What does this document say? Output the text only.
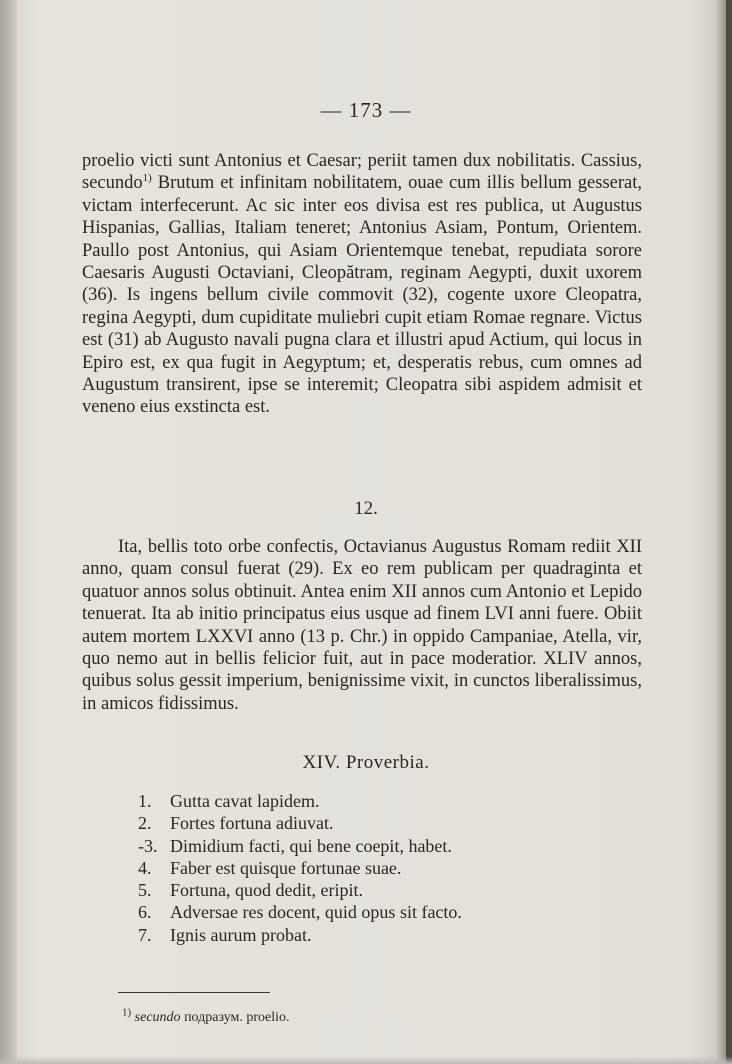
— 173 —
proelio victi sunt Antonius et Caesar; periit tamen dux nobilitatis. Cassius, secundo$^{1)}$ Brutum et infinitam nobilitatem, ouae cum illis bellum gesserat, victam interfecerunt. Ac sic inter eos divisa est res publica, ut Augustus Hispanias, Gallias, Italiam teneret; Antonius Asiam, Pontum, Orientem. Paullo post Antonius, qui Asiam Orientemque tenebat, repudiata sorore Caesaris Augusti Octaviani, Cleopătram, reginam Aegypti, duxit uxorem (36). Is ingens bellum civile commovit (32), cogente uxore Cleopatra, regina Aegypti, dum cupiditate muliebri cupit etiam Romae regnare. Victus est (31) ab Augusto navali pugna clara et illustri apud Actium, qui locus in Epiro est, ex qua fugit in Aegyptum; et, desperatis rebus, cum omnes ad Augustum transirent, ipse se interemit; Cleopatra sibi aspidem admisit et veneno eius exstincta est.
12.
Ita, bellis toto orbe confectis, Octavianus Augustus Romam rediit XII anno, quam consul fuerat (29). Ex eo rem publicam per quadraginta et quatuor annos solus obtinuit. Antea enim XII annos cum Antonio et Lepido tenuerat. Ita ab initio principatus eius usque ad finem LVI anni fuere. Obiit autem mortem LXXVI anno (13 p. Chr.) in oppido Campaniae, Atella, vir, quo nemo aut in bellis felicior fuit, aut in pace moderatior. XLIV annos, quibus solus gessit imperium, benignissime vixit, in cunctos liberalissimus, in amicos fidissimus.
XIV. Proverbia.
1.	Gutta cavat lapidem.
2.	Fortes fortuna adiuvat.
-3. Dimidium facti, qui bene coepit, habet.
4.	Faber est quisque fortunae suae.
5.	Fortuna, quod dedit, eripit.
6.	Adversae res docent, quid opus sit facto.
7.	Ignis aurum probat.
$^{1)}$ secundo подразум. proelio.
